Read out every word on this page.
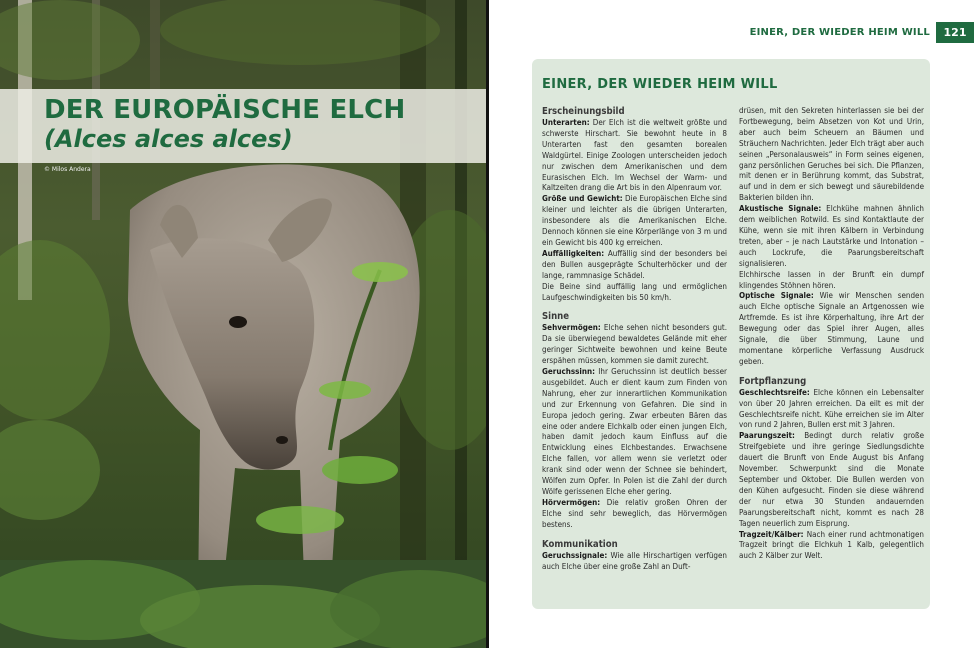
DER EUROPÄISCHE ELCH
(Alces alces alces)
© Milos Andera
EINER, DER WIEDER HEIM WILL	121
EINER, DER WIEDER HEIM WILL
Erscheinungsbild
Unterarten: Der Elch ist die weltweit größte und schwerste Hirschart. Sie bewohnt heute in 8 Unterarten fast den gesamten borealen Waldgürtel. Einige Zoologen unterscheiden jedoch nur zwischen dem Amerikanischen und dem Eurasischen Elch. Im Wechsel der Warm- und Kaltzeiten drang die Art bis in den Alpenraum vor.
Größe und Gewicht: Die Europäischen Elche sind kleiner und leichter als die übrigen Unterarten, insbesondere als die Amerikanischen Elche. Dennoch können sie eine Körperlänge von 3 m und ein Gewicht bis 400 kg erreichen.
Auffälligkeiten: Auffällig sind der besonders bei den Bullen ausgeprägte Schulterhöcker und der lange, rammnasige Schädel.
Die Beine sind auffällig lang und ermöglichen Laufgeschwindigkeiten bis 50 km/h.
Sinne
Sehvermögen: Elche sehen nicht besonders gut. Da sie überwiegend bewaldetes Gelände mit eher geringer Sichtweite bewohnen und keine Beute erspähen müssen, kommen sie damit zurecht.
Geruchssinn: Ihr Geruchssinn ist deutlich besser ausgebildet. Auch er dient kaum zum Finden von Nahrung, eher zur innerartlichen Kommunikation und zur Erkennung von Gefahren. Die sind in Europa jedoch gering. Zwar erbeuten Bären das eine oder andere Elchkalb oder einen jungen Elch, haben damit jedoch kaum Einfluss auf die Entwicklung eines Elchbestandes. Erwachsene Elche fallen, vor allem wenn sie verletzt oder krank sind oder wenn der Schnee sie behindert, Wölfen zum Opfer. In Polen ist die Zahl der durch Wölfe gerissenen Elche eher gering.
Hörvermögen: Die relativ großen Ohren der Elche sind sehr beweglich, das Hörvermögen bestens.
Kommunikation
Geruchssignale: Wie alle Hirschartigen verfügen auch Elche über eine große Zahl an Duft-
drüsen, mit den Sekreten hinterlassen sie bei der Fortbewegung, beim Absetzen von Kot und Urin, aber auch beim Scheuern an Bäumen und Sträuchern Nachrichten. Jeder Elch trägt aber auch seinen „Personalausweis“ in Form seines eigenen, ganz persönlichen Geruches bei sich. Die Pflanzen, mit denen er in Berührung kommt, das Substrat, auf und in dem er sich bewegt und säurebildende Bakterien bilden ihn.
Akustische Signale: Elchkühe mahnen ähnlich dem weiblichen Rotwild. Es sind Kontaktlaute der Kühe, wenn sie mit ihren Kälbern in Verbindung treten, aber – je nach Lautstärke und Intonation – auch Lockrufe, die Paarungsbereitschaft signalisieren.
Elchhirsche lassen in der Brunft ein dumpf klingendes Stöhnen hören.
Optische Signale: Wie wir Menschen senden auch Elche optische Signale an Artgenossen wie Artfremde. Es ist ihre Körperhaltung, ihre Art der Bewegung oder das Spiel ihrer Augen, alles Signale, die über Stimmung, Laune und momentane körperliche Verfassung Ausdruck geben.
Fortpflanzung
Geschlechtsreife: Elche können ein Lebensalter von über 20 Jahren erreichen. Da eilt es mit der Geschlechtsreife nicht. Kühe erreichen sie im Alter von rund 2 Jahren, Bullen erst mit 3 Jahren.
Paarungszeit: Bedingt durch relativ große Streifgebiete und ihre geringe Siedlungsdichte dauert die Brunft von Ende August bis Anfang November. Schwerpunkt sind die Monate September und Oktober. Die Bullen werden von den Kühen aufgesucht. Finden sie diese während der nur etwa 30 Stunden andauernden Paarungsbereitschaft nicht, kommt es nach 28 Tagen neuerlich zum Eisprung.
Tragzeit/Kälber: Nach einer rund achtmonatigen Tragzeit bringt die Elchkuh 1 Kalb, gelegentlich auch 2 Kälber zur Welt.
